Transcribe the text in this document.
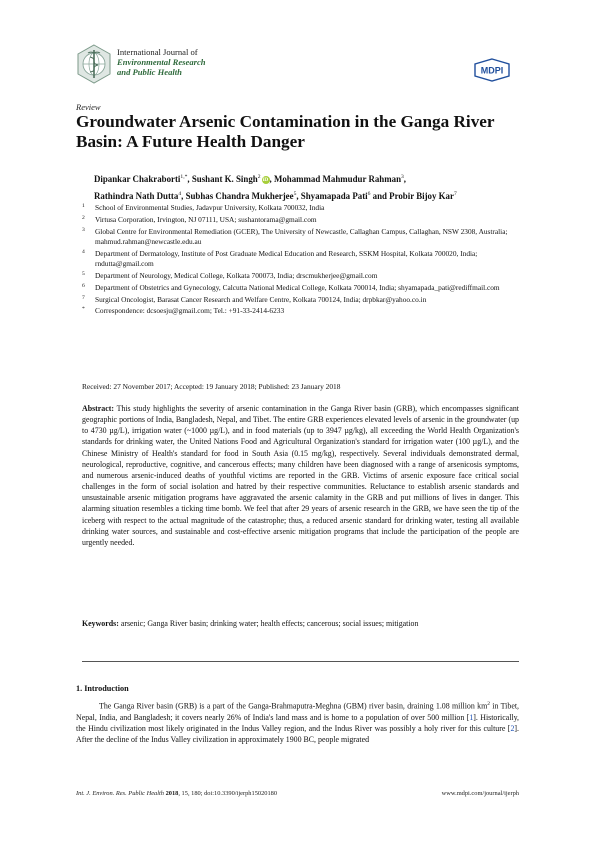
International Journal of
Environmental Research
and Public Health	MDPI
Review
Groundwater Arsenic Contamination in the Ganga River Basin: A Future Health Danger
Dipankar Chakraborti$^{1,*}$, Sushant K. Singh$^2$ iD, Mohammad Mahmudur Rahman$^3$,
Rathindra Nath Dutta$^4$, Subhas Chandra Mukherjee$^5$, Shyamapada Pati$^6$ and Probir Bijoy Kar$^7$
1 School of Environmental Studies, Jadavpur University, Kolkata 700032, India
2 Virtusa Corporation, Irvington, NJ 07111, USA; sushantorama@gmail.com
3 Global Centre for Environmental Remediation (GCER), The University of Newcastle, Callaghan Campus, Callaghan, NSW 2308, Australia; mahmud.rahman@newcastle.edu.au
4 Department of Dermatology, Institute of Post Graduate Medical Education and Research, SSKM Hospital, Kolkata 700020, India; rndutta@gmail.com
5 Department of Neurology, Medical College, Kolkata 700073, India; drscmukherjee@gmail.com
6 Department of Obstetrics and Gynecology, Calcutta National Medical College, Kolkata 700014, India; shyamapada_pati@rediffmail.com
7 Surgical Oncologist, Barasat Cancer Research and Welfare Centre, Kolkata 700124, India; drpbkar@yahoo.co.in
* Correspondence: dcsoesju@gmail.com; Tel.: +91-33-2414-6233
Received: 27 November 2017; Accepted: 19 January 2018; Published: 23 January 2018
Abstract: This study highlights the severity of arsenic contamination in the Ganga River basin (GRB), which encompasses significant geographic portions of India, Bangladesh, Nepal, and Tibet. The entire GRB experiences elevated levels of arsenic in the groundwater (up to 4730 µg/L), irrigation water (~1000 µg/L), and in food materials (up to 3947 µg/kg), all exceeding the World Health Organization's standards for drinking water, the United Nations Food and Agricultural Organization's standard for irrigation water (100 µg/L), and the Chinese Ministry of Health's standard for food in South Asia (0.15 mg/kg), respectively. Several individuals demonstrated dermal, neurological, reproductive, cognitive, and cancerous effects; many children have been diagnosed with a range of arsenicosis symptoms, and numerous arsenic-induced deaths of youthful victims are reported in the GRB. Victims of arsenic exposure face critical social challenges in the form of social isolation and hatred by their respective communities. Reluctance to establish arsenic standards and unsustainable arsenic mitigation programs have aggravated the arsenic calamity in the GRB and put millions of lives in danger. This alarming situation resembles a ticking time bomb. We feel that after 29 years of arsenic research in the GRB, we have seen the tip of the iceberg with respect to the actual magnitude of the catastrophe; thus, a reduced arsenic standard for drinking water, testing all available drinking water sources, and sustainable and cost-effective arsenic mitigation programs that include the participation of the people are urgently needed.
Keywords: arsenic; Ganga River basin; drinking water; health effects; cancerous; social issues; mitigation
1. Introduction
The Ganga River basin (GRB) is a part of the Ganga-Brahmaputra-Meghna (GBM) river basin, draining 1.08 million $km^2$ in Tibet, Nepal, India, and Bangladesh; it covers nearly 26% of India's land mass and is home to a population of over 500 million [1]. Historically, the Hindu civilization most likely originated in the Indus Valley region, and the Indus River was possibly a holy river for this culture [2]. After the decline of the Indus Valley civilization in approximately 1900 BC, people migrated
Int. J. Environ. Res. Public Health 2018, 15, 180; doi:10.3390/ijerph15020180	www.mdpi.com/journal/ijerph
